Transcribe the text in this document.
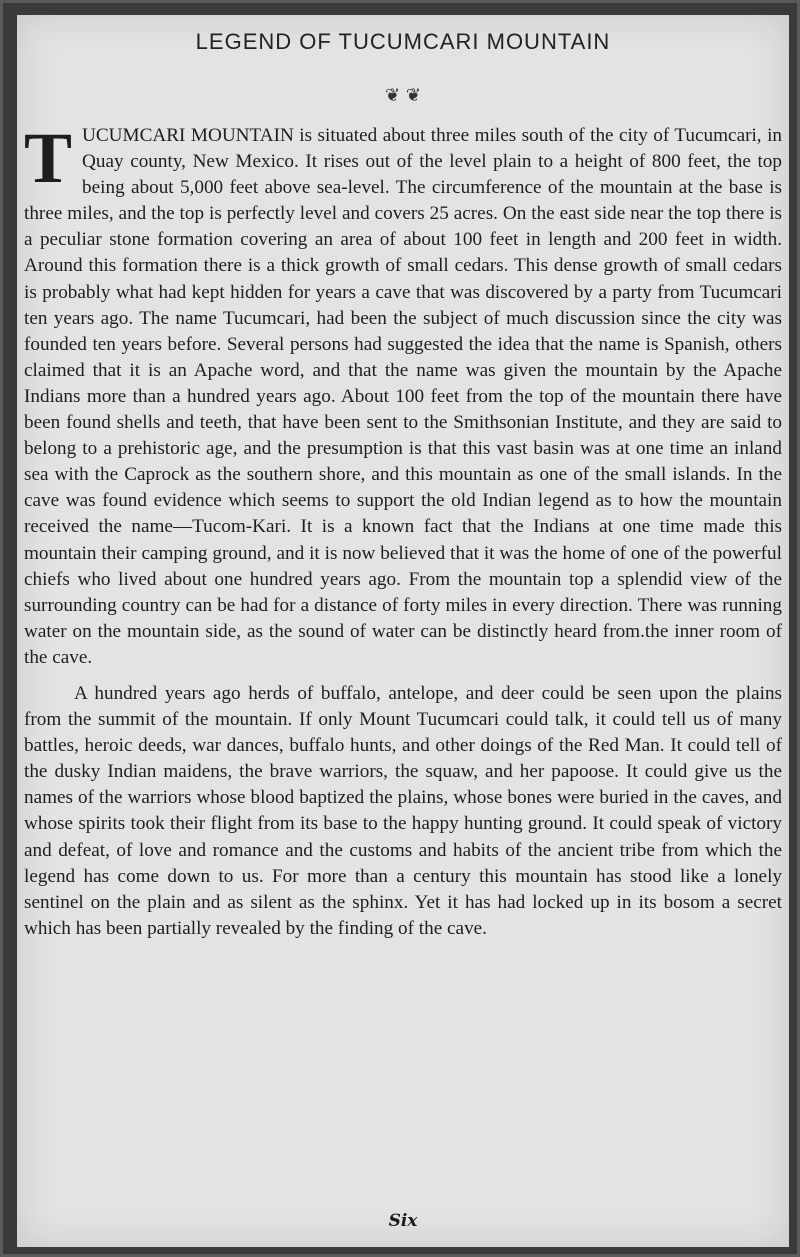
LEGEND OF TUCUMCARI MOUNTAIN
❦ ❦

TUCUMCARI MOUNTAIN is situated about three miles south of the city of Tucumcari, in Quay county, New Mexico. It rises out of the level plain to a height of 800 feet, the top being about 5,000 feet above sea-level. The circumference of the mountain at the base is three miles, and the top is perfectly level and covers 25 acres. On the east side near the top there is a peculiar stone formation covering an area of about 100 feet in length and 200 feet in width. Around this formation there is a thick growth of small cedars. This dense growth of small cedars is probably what had kept hidden for years a cave that was discovered by a party from Tucumcari ten years ago. The name Tucumcari, had been the subject of much discussion since the city was founded ten years before. Several persons had suggested the idea that the name is Spanish, others claimed that it is an Apache word, and that the name was given the mountain by the Apache Indians more than a hundred years ago. About 100 feet from the top of the mountain there have been found shells and teeth, that have been sent to the Smithsonian Institute, and they are said to belong to a prehistoric age, and the presumption is that this vast basin was at one time an inland sea with the Caprock as the southern shore, and this mountain as one of the small islands. In the cave was found evidence which seems to support the old Indian legend as to how the mountain received the name—Tucom-Kari. It is a known fact that the Indians at one time made this mountain their camping ground, and it is now believed that it was the home of one of the powerful chiefs who lived about one hundred years ago. From the mountain top a splendid view of the surrounding country can be had for a distance of forty miles in every direction. There was running water on the mountain side, as the sound of water can be distinctly heard from.the inner room of the cave.

A hundred years ago herds of buffalo, antelope, and deer could be seen upon the plains from the summit of the mountain. If only Mount Tucumcari could talk, it could tell us of many battles, heroic deeds, war dances, buffalo hunts, and other doings of the Red Man. It could tell of the dusky Indian maidens, the brave warriors, the squaw, and her papoose. It could give us the names of the warriors whose blood baptized the plains, whose bones were buried in the caves, and whose spirits took their flight from its base to the happy hunting ground. It could speak of victory and defeat, of love and romance and the customs and habits of the ancient tribe from which the legend has come down to us. For more than a century this mountain has stood like a lonely sentinel on the plain and as silent as the sphinx. Yet it has had locked up in its bosom a secret which has been partially revealed by the finding of the cave.

Six
